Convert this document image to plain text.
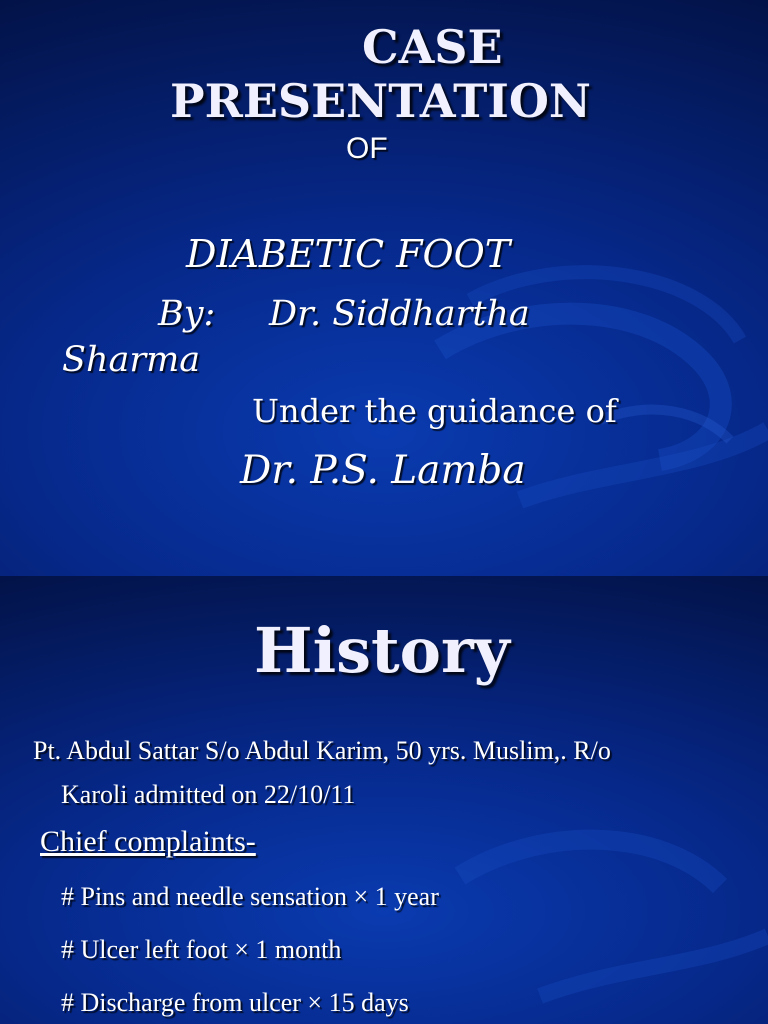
CASE
PRESENTATION
OF
DIABETIC FOOT
By: Dr. Siddhartha
Sharma
Under the guidance of
Dr. P.S. Lamba
History
Pt. Abdul Sattar S/o Abdul Karim, 50 yrs. Muslim,. R/o
Karoli admitted on 22/10/11
Chief complaints-
# Pins and needle sensation × 1 year
# Ulcer left foot × 1 month
# Discharge from ulcer × 15 days
